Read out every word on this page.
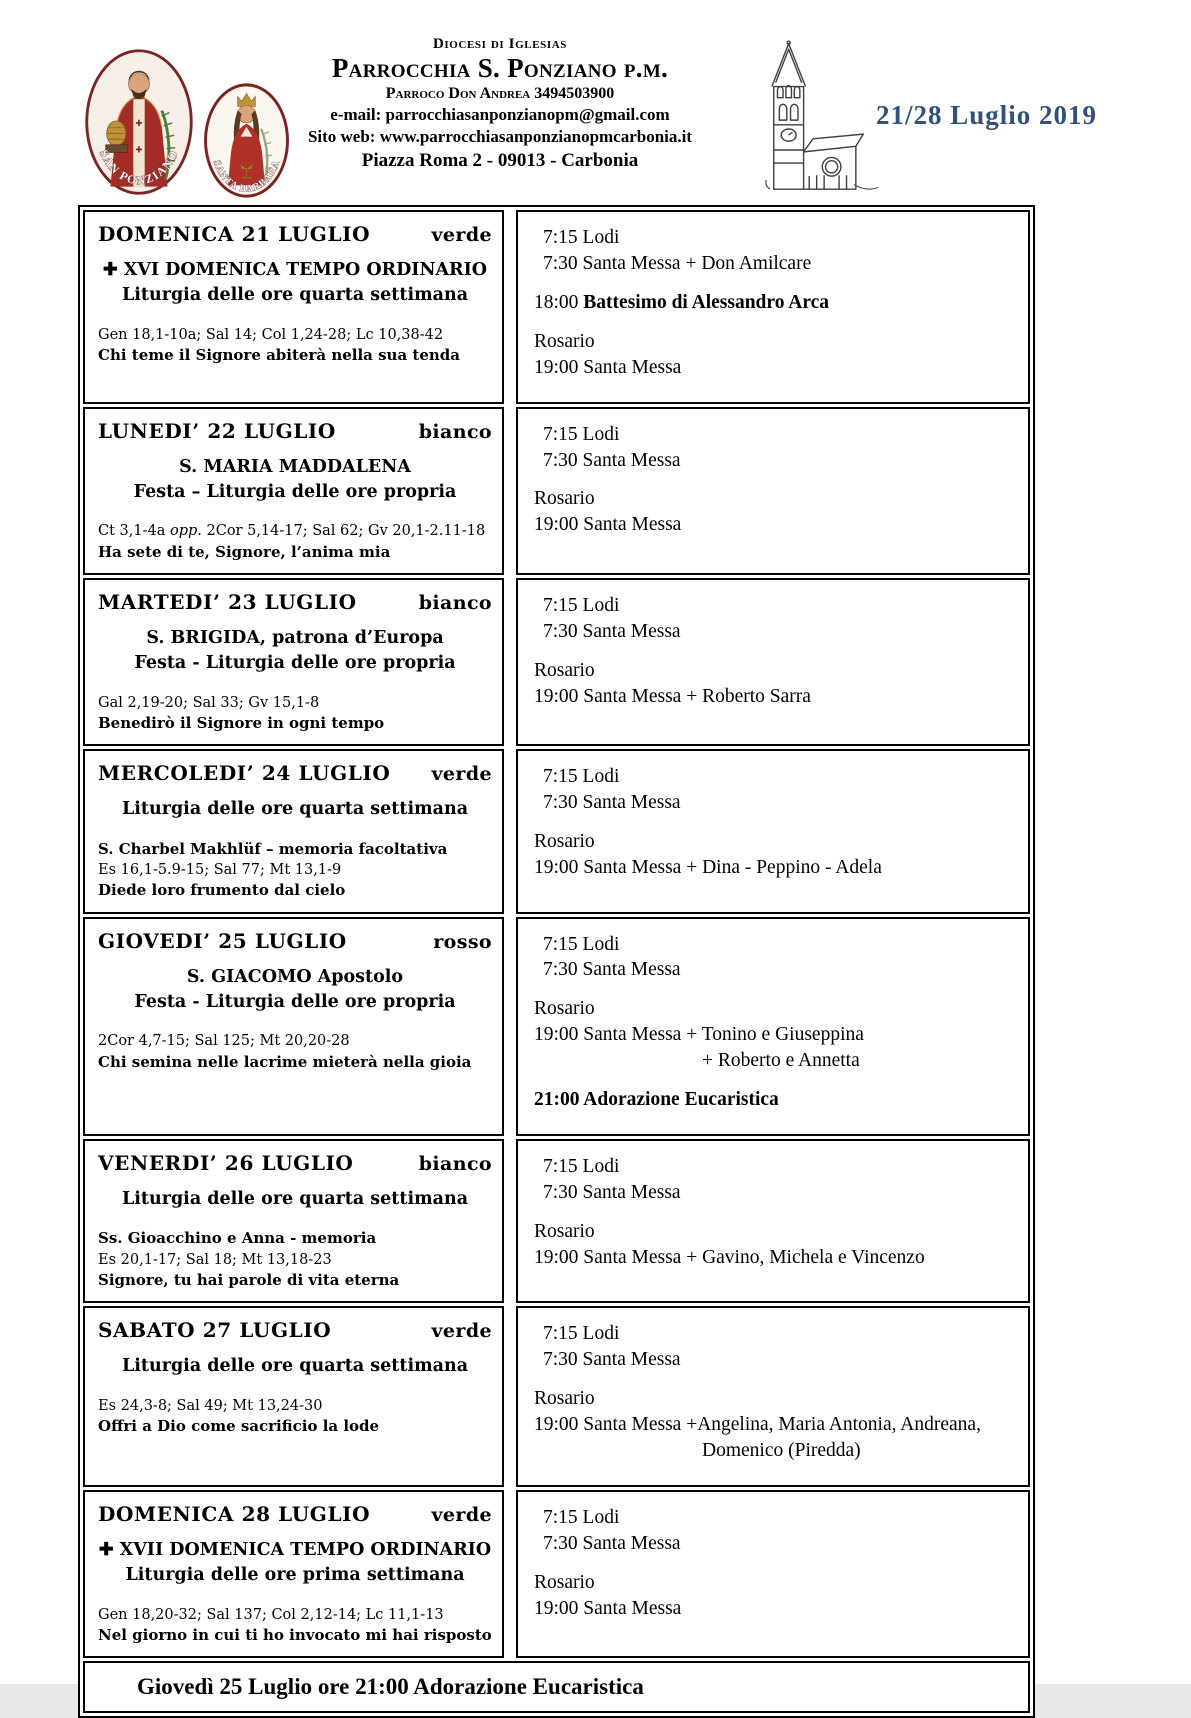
✚
✚
SAN PONZIANO
SANTA BARBARA
Diocesi di Iglesias
Parrocchia S. Ponziano p.m.
Parroco Don Andrea 3494503900
e-mail: parrocchiasanponzianopm@gmail.com
Sito web: www.parrocchiasanponzianopmcarbonia.it
Piazza Roma 2 - 09013 - Carbonia
21/28 Luglio 2019
DOMENICA 21 LUGLIO	verde
✚ XVI DOMENICA TEMPO ORDINARIO
Liturgia delle ore quarta settimana
Gen 18,1-10a; Sal 14; Col 1,24-28; Lc 10,38-42
Chi teme il Signore abiterà nella sua tenda
7:15 Lodi
7:30 Santa Messa + Don Amilcare
18:00 Battesimo di Alessandro Arca
Rosario
19:00 Santa Messa
LUNEDI’ 22 LUGLIO	bianco
S. MARIA MADDALENA
Festa – Liturgia delle ore propria
Ct 3,1-4a opp. 2Cor 5,14-17; Sal 62; Gv 20,1-2.11-18
Ha sete di te, Signore, l’anima mia
7:15 Lodi
7:30 Santa Messa
Rosario
19:00 Santa Messa
MARTEDI’ 23 LUGLIO	bianco
S. BRIGIDA, patrona d’Europa
Festa - Liturgia delle ore propria
Gal 2,19-20; Sal 33; Gv 15,1-8
Benedirò il Signore in ogni tempo
7:15 Lodi
7:30 Santa Messa
Rosario
19:00 Santa Messa + Roberto Sarra
MERCOLEDI’ 24 LUGLIO verde
Liturgia delle ore quarta settimana
S. Charbel Makhlüf – memoria facoltativa
Es 16,1-5.9-15; Sal 77; Mt 13,1-9
Diede loro frumento dal cielo
7:15 Lodi
7:30 Santa Messa
Rosario
19:00 Santa Messa + Dina - Peppino - Adela
GIOVEDI’ 25 LUGLIO	rosso
S. GIACOMO Apostolo
Festa - Liturgia delle ore propria
2Cor 4,7-15; Sal 125; Mt 20,20-28
Chi semina nelle lacrime mieterà nella gioia
7:15 Lodi
7:30 Santa Messa
Rosario
19:00 Santa Messa + Tonino e Giuseppina
+ Roberto e Annetta
21:00 Adorazione Eucaristica
VENERDI’ 26 LUGLIO	bianco
Liturgia delle ore quarta settimana
Ss. Gioacchino e Anna - memoria
Es 20,1-17; Sal 18; Mt 13,18-23
Signore, tu hai parole di vita eterna
7:15 Lodi
7:30 Santa Messa
Rosario
19:00 Santa Messa + Gavino, Michela e Vincenzo
SABATO 27 LUGLIO	verde
Liturgia delle ore quarta settimana
Es 24,3-8; Sal 49; Mt 13,24-30
Offri a Dio come sacrificio la lode
7:15 Lodi
7:30 Santa Messa
Rosario
19:00 Santa Messa +Angelina, Maria Antonia, Andreana,
Domenico (Piredda)
DOMENICA 28 LUGLIO	verde
✚ XVII DOMENICA TEMPO ORDINARIO
Liturgia delle ore prima settimana
Gen 18,20-32; Sal 137; Col 2,12-14; Lc 11,1-13
Nel giorno in cui ti ho invocato mi hai risposto
7:15 Lodi
7:30 Santa Messa
Rosario
19:00 Santa Messa
Giovedì 25 Luglio ore 21:00 Adorazione Eucaristica
